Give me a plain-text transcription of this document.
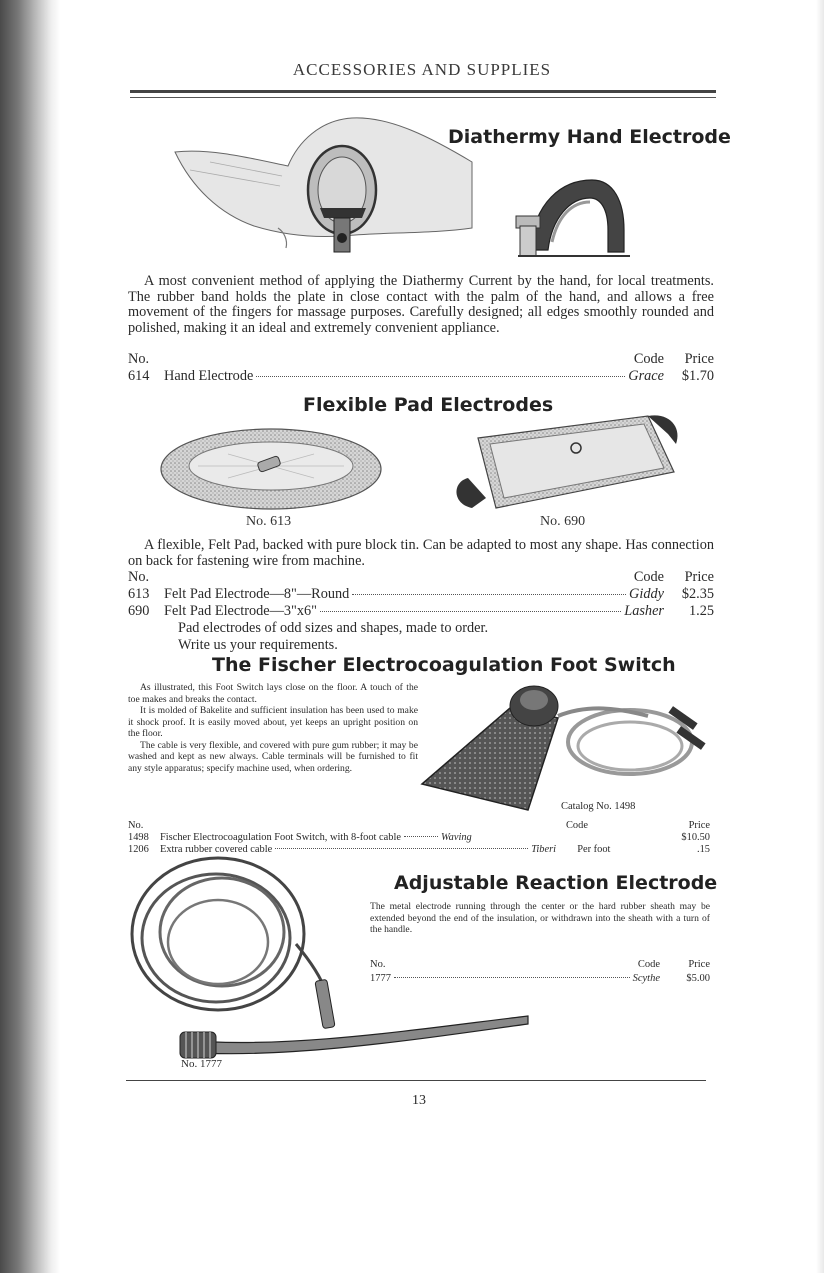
ACCESSORIES AND SUPPLIES
Diathermy Hand Electrode
A most convenient method of applying the Diathermy Current by the hand, for local treatments. The rubber band holds the plate in close contact with the palm of the hand, and allows a free movement of the fingers for massage purposes. Carefully designed; all edges smoothly rounded and polished, making it an ideal and extremely convenient appliance.
No.	Code	Price
614	Hand Electrode	Grace	$1.70
Flexible Pad Electrodes
No. 613	No. 690
A flexible, Felt Pad, backed with pure block tin. Can be adapted to most any shape. Has connection on back for fastening wire from machine.
No.	Code	Price
613	Felt Pad Electrode—8"—Round	Giddy	$2.35
690	Felt Pad Electrode—3"x6"	Lasher	1.25
Pad electrodes of odd sizes and shapes, made to order.
Write us your requirements.
The Fischer Electrocoagulation Foot Switch
As illustrated, this Foot Switch lays close on the floor. A touch of the toe makes and breaks the contact.
It is molded of Bakelite and sufficient insulation has been used to make it shock proof. It is easily moved about, yet keeps an upright position on the floor.
The cable is very flexible, and covered with pure gum rubber; it may be washed and kept as new always. Cable terminals will be furnished to fit any style apparatus; specify machine used, when ordering.
Catalog No. 1498
No.	Code	Price
1498	Fischer Electrocoagulation Foot Switch, with 8-foot cable	Waving	$10.50
1206	Extra rubber covered cable	Tiberi	Per foot	.15
Adjustable Reaction Electrode
The metal electrode running through the center or the hard rubber sheath may be extended beyond the end of the insulation, or withdrawn into the sheath with a turn of the handle.
No.	Code	Price
1777	Scythe	$5.00
No. 1777
13
